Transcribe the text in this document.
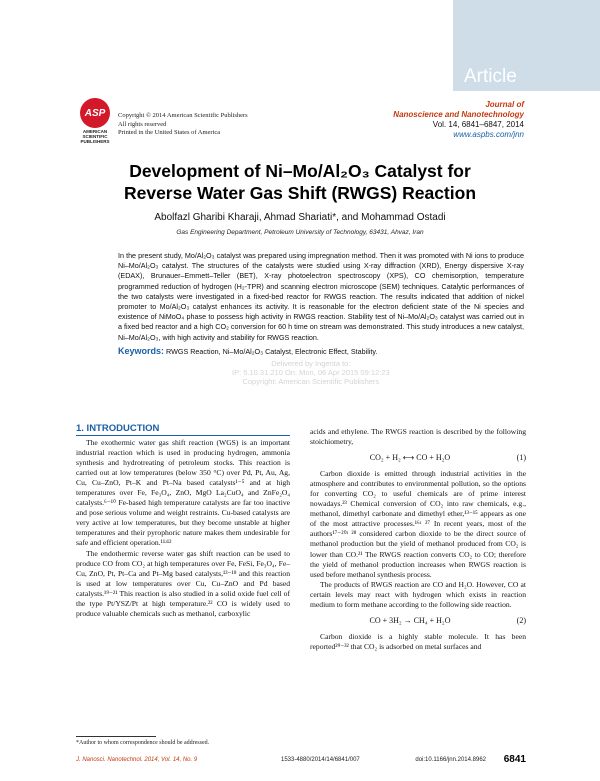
Article
ASP
AMERICAN
SCIENTIFIC
PUBLISHERS
Copyright © 2014 American Scientific Publishers
All rights reserved
Printed in the United States of America
Journal of
Nanoscience and Nanotechnology
Vol. 14, 6841–6847, 2014
www.aspbs.com/jnn
Development of Ni–Mo/Al₂O₃ Catalyst for
Reverse Water Gas Shift (RWGS) Reaction
Abolfazl Gharibi Kharaji, Ahmad Shariati*, and Mohammad Ostadi
Gas Engineering Department, Petroleum University of Technology, 63431, Ahvaz, Iran
In the present study, Mo/Al₂O₃ catalyst was prepared using impregnation method. Then it was promoted with Ni ions to produce Ni–Mo/Al₂O₃ catalyst. The structures of the catalysts were studied using X-ray diffraction (XRD), Energy dispersive X-ray (EDAX), Brunauer–Emmett–Teller (BET), X-ray photoelectron spectroscopy (XPS), CO chemisorption, temperature programmed reduction of hydrogen (H₂-TPR) and scanning electron microscope (SEM) techniques. Catalytic performances of the two catalysts were investigated in a fixed-bed reactor for RWGS reaction. The results indicated that addition of nickel promoter to Mo/Al₂O₃ catalyst enhances its activity. It is reasonable for the electron deficient state of the Ni species and existence of NiMoO₄ phase to possess high activity in RWGS reaction. Stability test of Ni–Mo/Al₂O₃ catalyst was carried out in a fixed bed reactor and a high CO₂ conversion for 60 h time on stream was demonstrated. This study introduces a new catalyst, Ni–Mo/Al₂O₃, with high activity and stability for RWGS reaction.
Keywords: RWGS Reaction, Ni–Mo/Al₂O₃ Catalyst, Electronic Effect, Stability.
Delivered by Ingenta to:
IP: 5.10.31.210 On: Mon, 06 Apr 2015 09:12:23
Copyright: American Scientific Publishers
1. INTRODUCTION

The exothermic water gas shift reaction (WGS) is an important industrial reaction which is used in producing hydrogen, ammonia synthesis and hydrotreating of petroleum stocks. This reaction is carried out at low temperatures (below 350 °C) over Pd, Pt, Au, Ag, Cu, Cu–ZnO, Pt–K and Pt–Na based catalysts¹⁻⁵ and at high temperatures over Fe, Fe₃O₄, ZnO, MgO La₂CuO₄ and ZnFe₂O₄ catalysts.⁶⁻¹⁰ Fe-based high temperature catalysts are far too inactive and pose serious volume and weight restraints. Cu-based catalysts are very active at low temperatures, but they become unstable at higher temperatures and their pyrophoric nature makes them undesirable for safe and efficient operation.¹¹ʴ¹²

The endothermic reverse water gas shift reaction can be used to produce CO from CO₂ at high temperatures over Fe, FeSi, Fe₃O₄, Fe–Cu, ZnO, Pt, Pt–Ca and Pt–Mg based catalysts,¹³⁻¹⁸ and this reaction is used at low temperatures over Cu, Cu–ZnO and Pd based catalysts.¹⁹⁻²¹ This reaction is also studied in a solid oxide fuel cell of the type Pt/YSZ/Pt at high temperature.²² CO is widely used to produce valuable chemicals such as methanol, carboxylic

acids and ethylene. The RWGS reaction is described by the following stoichiometry,

CO₂ + H₂ ⟷ CO + H₂O	(1)

Carbon dioxide is emitted through industrial activities in the atmosphere and contributes to environmental pollution, so the options for converting CO₂ to useful chemicals are of prime interest nowadays.²³ Chemical conversion of CO₂ into raw chemicals, e.g., methanol, dimethyl carbonate and dimethyl ether,¹³⁻¹⁵ appears as one of the most attractive processes.¹⁶ʴ ²⁷ In recent years, most of the authors¹⁷⁻²⁰ʴ ²⁸ considered carbon dioxide to be the direct source of methanol production but the yield of methanol produced from CO₂ is lower than CO.²¹ The RWGS reaction converts CO₂ to CO; therefore the yield of methanol production increases when RWGS reaction is used before methanol synthesis process.

The products of RWGS reaction are CO and H₂O. However, CO at certain levels may react with hydrogen which exists in reaction medium to form methane according to the following side reaction.

CO + 3H₂ → CH₄ + H₂O	(2)

Carbon dioxide is a highly stable molecule. It has been reported²⁹⁻³² that CO₂ is adsorbed on metal surfaces and

*Author to whom correspondence should be addressed.
J. Nanosci. Nanotechnol. 2014, Vol. 14, No. 9	1533-4880/2014/14/6841/007	doi:10.1166/jnn.2014.8962 6841
